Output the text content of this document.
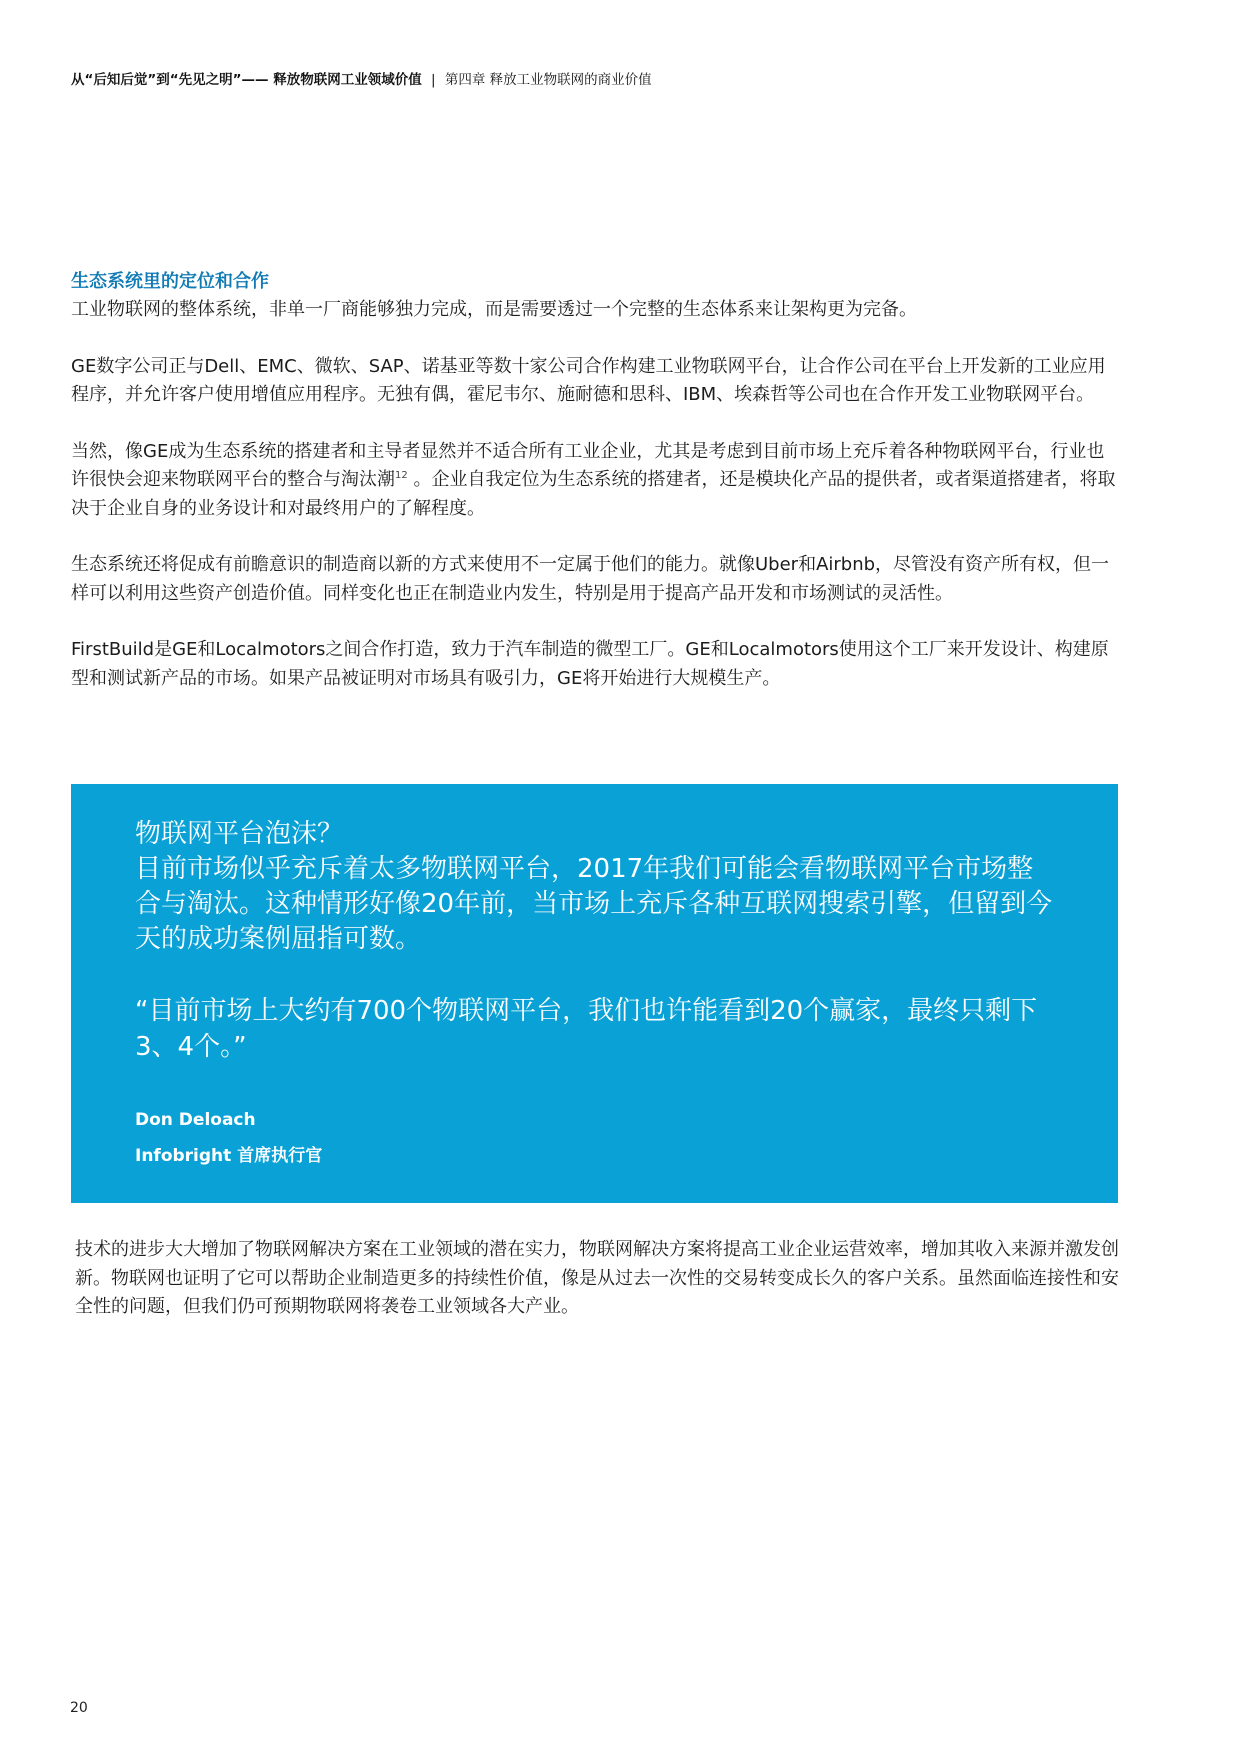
从“后知后觉”到“先见之明”—— 释放物联网工业领域价值 | 第四章 释放工业物联网的商业价值
生态系统里的定位和合作

工业物联网的整体系统，非单一厂商能够独力完成，而是需要透过一个完整的生态体系来让架构更为完备。

GE数字公司正与Dell、EMC、微软、SAP、诺基亚等数十家公司合作构建工业物联网平台，让合作公司在平台上开发新的工业应用程序，并允许客户使用增值应用程序。无独有偶，霍尼韦尔、施耐德和思科、IBM、埃森哲等公司也在合作开发工业物联网平台。

当然，像GE成为生态系统的搭建者和主导者显然并不适合所有工业企业，尤其是考虑到目前市场上充斥着各种物联网平台，行业也许很快会迎来物联网平台的整合与淘汰潮$^{12}$ 。企业自我定位为生态系统的搭建者，还是模块化产品的提供者，或者渠道搭建者，将取决于企业自身的业务设计和对最终用户的了解程度。

生态系统还将促成有前瞻意识的制造商以新的方式来使用不一定属于他们的能力。就像Uber和Airbnb，尽管没有资产所有权，但一样可以利用这些资产创造价值。同样变化也正在制造业内发生，特别是用于提高产品开发和市场测试的灵活性。

FirstBuild是GE和Localmotors之间合作打造，致力于汽车制造的微型工厂。GE和Localmotors使用这个工厂来开发设计、构建原型和测试新产品的市场。如果产品被证明对市场具有吸引力，GE将开始进行大规模生产。

物联网平台泡沫？

目前市场似乎充斥着太多物联网平台，2017年我们可能会看物联网平台市场整合与淘汰。这种情形好像20年前，当市场上充斥各种互联网搜索引擎，但留到今天的成功案例屈指可数。

“目前市场上大约有700个物联网平台，我们也许能看到20个赢家，最终只剩下3、4个。”

Don Deloach
Infobright 首席执行官

技术的进步大大增加了物联网解决方案在工业领域的潜在实力，物联网解决方案将提高工业企业运营效率，增加其收入来源并激发创新。物联网也证明了它可以帮助企业制造更多的持续性价值，像是从过去一次性的交易转变成长久的客户关系。虽然面临连接性和安全性的问题，但我们仍可预期物联网将袭卷工业领域各大产业。

20
